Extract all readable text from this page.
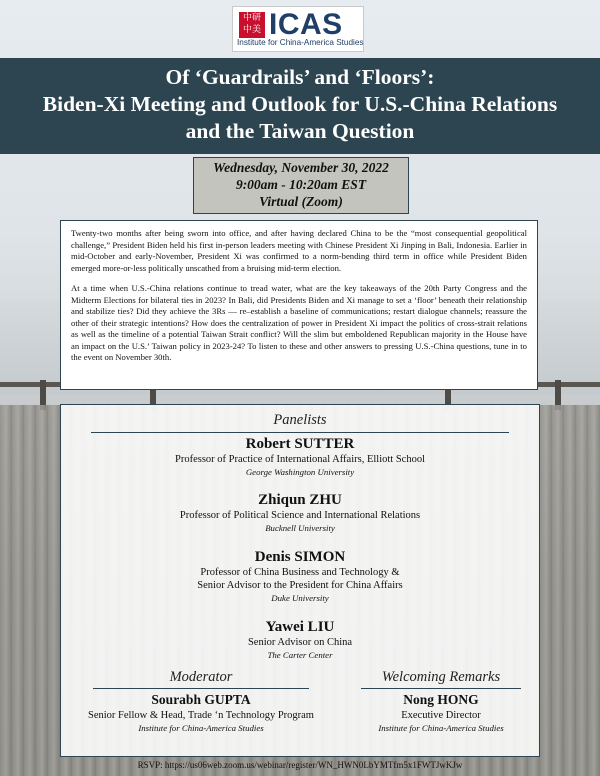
中研中美 ICAS
Institute for China-America Studies
Of ‘Guardrails’ and ‘Floors’:
Biden-Xi Meeting and Outlook for U.S.-China Relations
and the Taiwan Question
Wednesday, November 30, 2022
9:00am - 10:20am EST
Virtual (Zoom)

Twenty-two months after being sworn into office, and after having declared China to be the “most consequential geopolitical challenge,” President Biden held his first in-person leaders meeting with Chinese President Xi Jinping in Bali, Indonesia. Earlier in mid-October and early-November, President Xi was confirmed to a norm-bending third term in office while President Biden emerged more-or-less politically unscathed from a bruising mid-term election.

At a time when U.S.-China relations continue to tread water, what are the key takeaways of the 20th Party Congress and the Midterm Elections for bilateral ties in 2023? In Bali, did Presidents Biden and Xi manage to set a ‘floor’ beneath their relationship and stabilize ties? Did they achieve the 3Rs — re–establish a baseline of communications; restart dialogue channels; reassure the other of their strategic intentions? How does the centralization of power in President Xi impact the politics of cross-strait relations as well as the timeline of a potential Taiwan Strait conflict? Will the slim but emboldened Republican majority in the House have an impact on the U.S.’ Taiwan policy in 2023-24? To listen to these and other answers to pressing U.S.-China questions, tune in to the event on November 30th.

Panelists
Robert SUTTER
Professor of Practice of International Affairs, Elliott School
George Washington University
Zhiqun ZHU
Professor of Political Science and International Relations
Bucknell University
Denis SIMON
Professor of China Business and Technology &
Senior Advisor to the President for China Affairs
Duke University
Yawei LIU
Senior Advisor on China
The Carter Center
Moderator
Sourabh GUPTA
Senior Fellow & Head, Trade ‘n Technology Program
Institute for China-America Studies
Welcoming Remarks
Nong HONG
Executive Director
Institute for China-America Studies
RSVP: https://us06web.zoom.us/webinar/register/WN_HWN0LbYMTfm5x1FWTJwKJw
